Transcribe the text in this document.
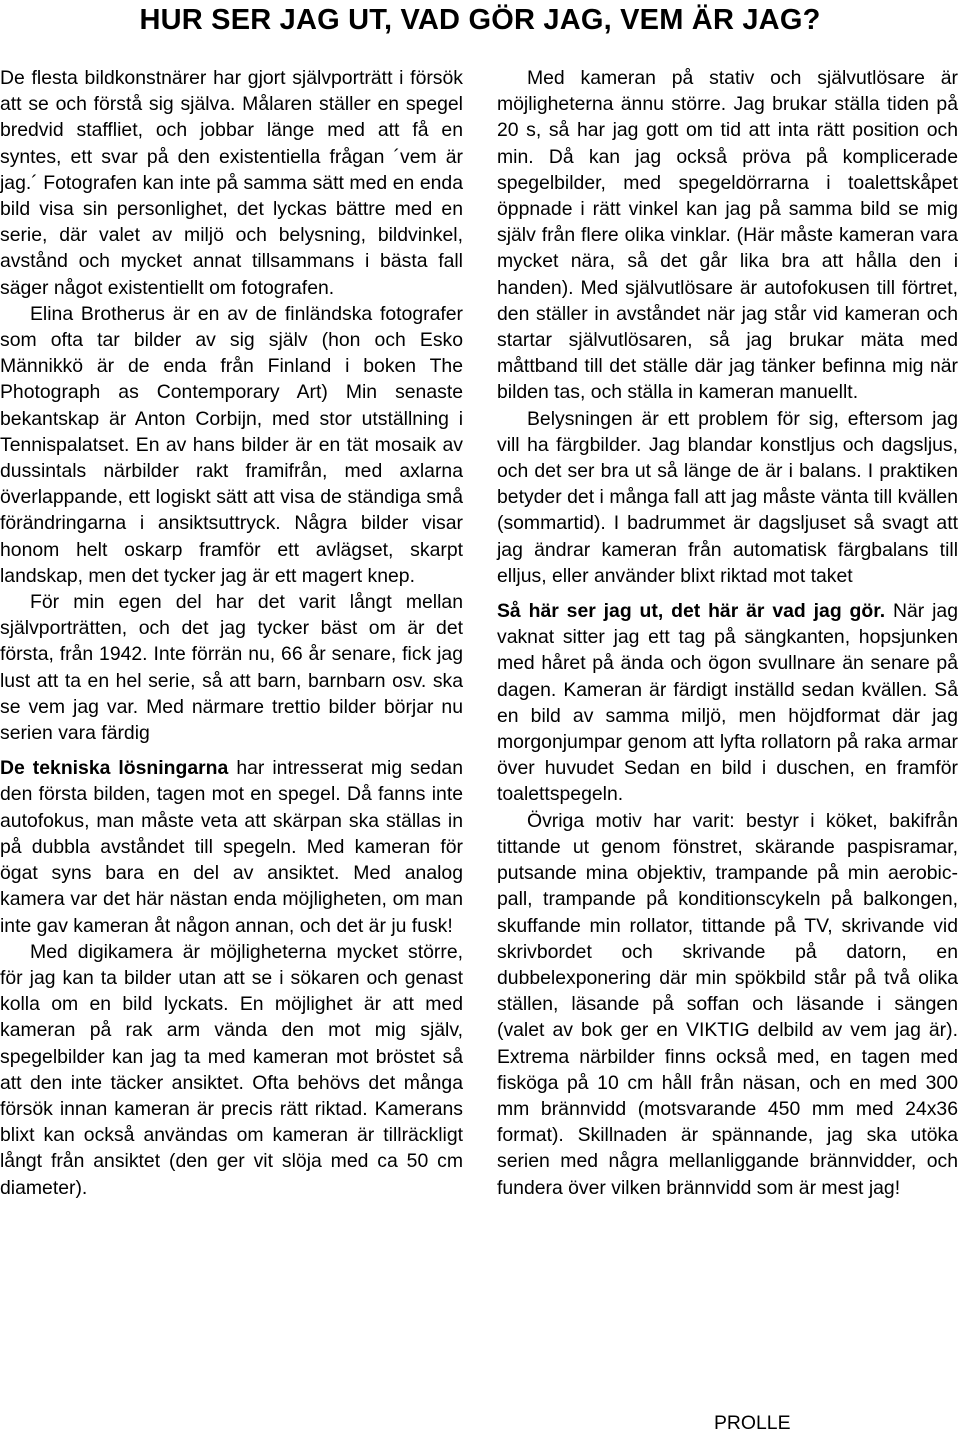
HUR SER JAG UT, VAD GÖR JAG, VEM ÄR JAG?

De flesta bildkonstnärer har gjort självporträtt i försök att se och förstå sig själva. Målaren ställer en spegel bredvid staffliet, och jobbar länge med att få en syntes, ett svar på den existentiella frågan ´vem är jag.´ Fotografen kan inte på samma sätt med en enda bild visa sin personlighet, det lyckas bättre med en serie, där valet av miljö och belysning, bildvinkel, avstånd och mycket annat tillsammans i bästa fall säger något existentiellt om fotografen.

Elina Brotherus är en av de finländska fotografer som ofta tar bilder av sig själv (hon och Esko Männikkö är de enda från Finland i boken The Photograph as Contemporary Art) Min senaste bekantskap är Anton Corbijn, med stor utställning i Tennispalatset. En av hans bilder är en tät mosaik av dussintals närbilder rakt framifrån, med axlarna överlappande, ett logiskt sätt att visa de ständiga små förändringarna i ansiktsuttryck. Några bilder visar honom helt oskarp framför ett avlägset, skarpt landskap, men det tycker jag är ett magert knep.

För min egen del har det varit långt mellan självporträtten, och det jag tycker bäst om är det första, från 1942. Inte förrän nu, 66 år senare, fick jag lust att ta en hel serie, så att barn, barnbarn osv. ska se vem jag var. Med närmare trettio bilder börjar nu serien vara färdig

De tekniska lösningarna har intresserat mig sedan den första bilden, tagen mot en spegel. Då fanns inte autofokus, man måste veta att skärpan ska ställas in på dubbla avståndet till spegeln. Med kameran för ögat syns bara en del av ansiktet. Med analog kamera var det här nästan enda möjligheten, om man inte gav kameran åt någon annan, och det är ju fusk!

Med digikamera är möjligheterna mycket större, för jag kan ta bilder utan att se i sökaren och genast kolla om en bild lyckats. En möjlighet är att med kameran på rak arm vända den mot mig själv, spegelbilder kan jag ta med kameran mot bröstet så att den inte täcker ansiktet. Ofta behövs det många försök innan kameran är precis rätt riktad. Kamerans blixt kan också användas om kameran är tillräckligt långt från ansiktet (den ger vit slöja med ca 50 cm diameter).

Med kameran på stativ och självutlösare är möjligheterna ännu större. Jag brukar ställa tiden på 20 s, så har jag gott om tid att inta rätt position och min. Då kan jag också pröva på komplicerade spegelbilder, med spegeldörrarna i toalettskåpet öppnade i rätt vinkel kan jag på samma bild se mig själv från flere olika vinklar. (Här måste kameran vara mycket nära, så det går lika bra att hålla den i handen). Med självutlösare är autofokusen till förtret, den ställer in avståndet när jag står vid kameran och startar självutlösaren, så jag brukar mäta med måttband till det ställe där jag tänker befinna mig när bilden tas, och ställa in kameran manuellt.

Belysningen är ett problem för sig, eftersom jag vill ha färgbilder. Jag blandar konstljus och dagsljus, och det ser bra ut så länge de är i balans. I praktiken betyder det i många fall att jag måste vänta till kvällen (sommartid). I badrummet är dagsljuset så svagt att jag ändrar kameran från automatisk färgbalans till elljus, eller använder blixt riktad mot taket

Så här ser jag ut, det här är vad jag gör. När jag vaknat sitter jag ett tag på sängkanten, hopsjunken med håret på ända och ögon svullnare än senare på dagen. Kameran är färdigt inställd sedan kvällen. Så en bild av samma miljö, men höjdformat där jag morgonjumpar genom att lyfta rollatorn på raka armar över huvudet Sedan en bild i duschen, en framför toalettspegeln.

Övriga motiv har varit: bestyr i köket, bakifrån tittande ut genom fönstret, skärande paspisramar, putsande mina objektiv, trampande på min aerobic-pall, trampande på konditionscykeln på balkongen, skuffande min rollator, tittande på TV, skrivande vid skrivbordet och skrivande på datorn, en dubbelexponering där min spökbild står på två olika ställen, läsande på soffan och läsande i sängen (valet av bok ger en VIKTIG delbild av vem jag är). Extrema närbilder finns också med, en tagen med fisköga på 10 cm håll från näsan, och en med 300 mm brännvidd (motsvarande 450 mm med 24x36 format). Skillnaden är spännande, jag ska utöka serien med några mellanliggande brännvidder, och fundera över vilken brännvidd som är mest jag!

PROLLE
